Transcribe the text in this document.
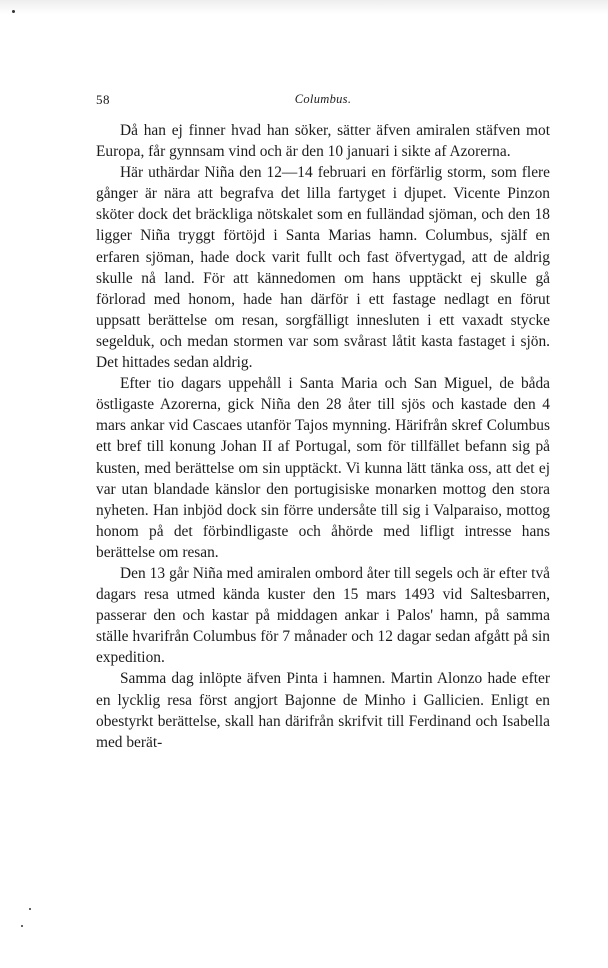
58	Columbus.

Då han ej finner hvad han söker, sätter äfven amiralen stäfven mot Europa, får gynnsam vind och är den 10 januari i sikte af Azorerna.

Här uthärdar Niña den 12—14 februari en förfärlig storm, som flere gånger är nära att begrafva det lilla fartyget i djupet. Vicente Pinzon sköter dock det bräckliga nötskalet som en fulländad sjöman, och den 18 ligger Niña tryggt förtöjd i Santa Marias hamn. Columbus, själf en erfaren sjöman, hade dock varit fullt och fast öfvertygad, att de aldrig skulle nå land. För att kännedomen om hans upptäckt ej skulle gå förlorad med honom, hade han därför i ett fastage nedlagt en förut uppsatt berättelse om resan, sorgfälligt innesluten i ett vaxadt stycke segelduk, och medan stormen var som svårast låtit kasta fastaget i sjön. Det hittades sedan aldrig.

Efter tio dagars uppehåll i Santa Maria och San Miguel, de båda östligaste Azorerna, gick Niña den 28 åter till sjös och kastade den 4 mars ankar vid Cascaes utanför Tajos mynning. Härifrån skref Columbus ett bref till konung Johan II af Portugal, som för tillfället befann sig på kusten, med berättelse om sin upptäckt. Vi kunna lätt tänka oss, att det ej var utan blandade känslor den portugisiske monarken mottog den stora nyheten. Han inbjöd dock sin förre undersåte till sig i Valparaiso, mottog honom på det förbindligaste och åhörde med lifligt intresse hans berättelse om resan.

Den 13 går Niña med amiralen ombord åter till segels och är efter två dagars resa utmed kända kuster den 15 mars 1493 vid Saltesbarren, passerar den och kastar på middagen ankar i Palos' hamn, på samma ställe hvarifrån Columbus för 7 månader och 12 dagar sedan afgått på sin expedition.

Samma dag inlöpte äfven Pinta i hamnen. Martin Alonzo hade efter en lycklig resa först angjort Bajonne de Minho i Gallicien. Enligt en obestyrkt berättelse, skall han därifrån skrifvit till Ferdinand och Isabella med berät-
